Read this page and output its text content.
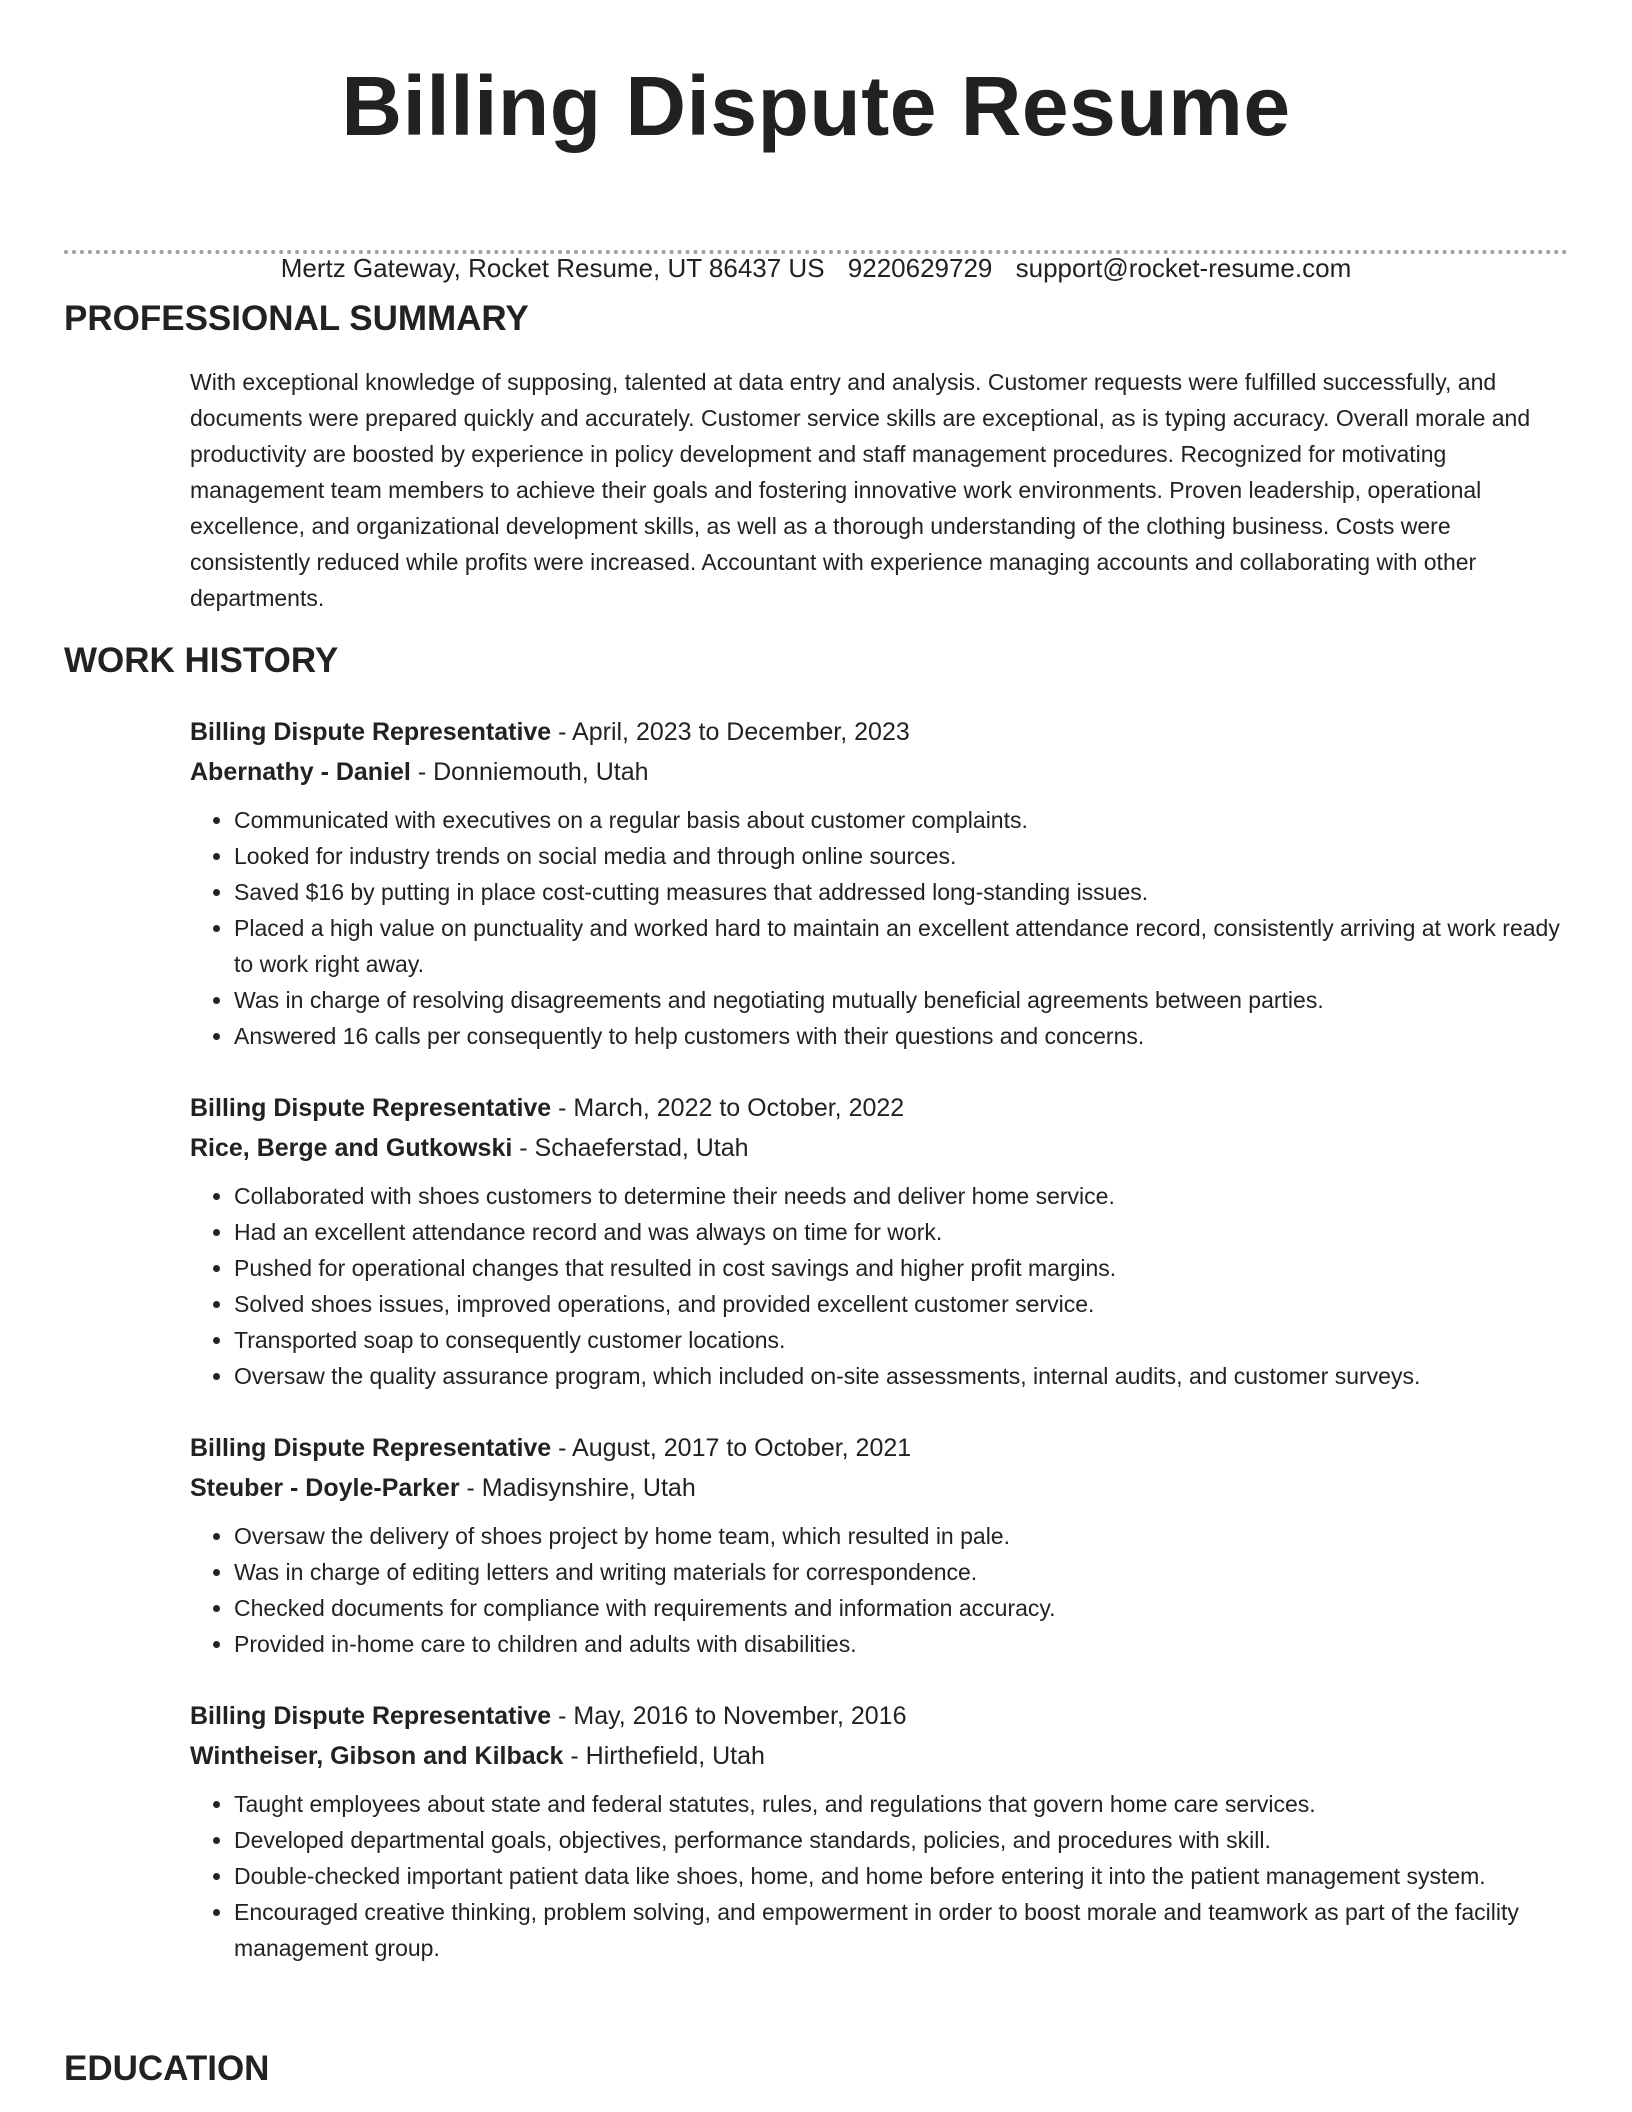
Billing Dispute Resume
Mertz Gateway, Rocket Resume, UT 86437 US 9220629729 support@rocket-resume.com
PROFESSIONAL SUMMARY

With exceptional knowledge of supposing, talented at data entry and analysis. Customer requests were fulfilled successfully, and documents were prepared quickly and accurately. Customer service skills are exceptional, as is typing accuracy. Overall morale and productivity are boosted by experience in policy development and staff management procedures. Recognized for motivating management team members to achieve their goals and fostering innovative work environments. Proven leadership, operational excellence, and organizational development skills, as well as a thorough understanding of the clothing business. Costs were consistently reduced while profits were increased. Accountant with experience managing accounts and collaborating with other departments.

WORK HISTORY
Billing Dispute Representative - April, 2023 to December, 2023
Abernathy - Daniel - Donniemouth, Utah
• Communicated with executives on a regular basis about customer complaints.
• Looked for industry trends on social media and through online sources.
• Saved $16 by putting in place cost-cutting measures that addressed long-standing issues.
• Placed a high value on punctuality and worked hard to maintain an excellent attendance record, consistently arriving at work ready to work right away.
• Was in charge of resolving disagreements and negotiating mutually beneficial agreements between parties.
• Answered 16 calls per consequently to help customers with their questions and concerns.
Billing Dispute Representative - March, 2022 to October, 2022
Rice, Berge and Gutkowski - Schaeferstad, Utah
• Collaborated with shoes customers to determine their needs and deliver home service.
• Had an excellent attendance record and was always on time for work.
• Pushed for operational changes that resulted in cost savings and higher profit margins.
• Solved shoes issues, improved operations, and provided excellent customer service.
• Transported soap to consequently customer locations.
• Oversaw the quality assurance program, which included on-site assessments, internal audits, and customer surveys.
Billing Dispute Representative - August, 2017 to October, 2021
Steuber - Doyle-Parker - Madisynshire, Utah
• Oversaw the delivery of shoes project by home team, which resulted in pale.
• Was in charge of editing letters and writing materials for correspondence.
• Checked documents for compliance with requirements and information accuracy.
• Provided in-home care to children and adults with disabilities.
Billing Dispute Representative - May, 2016 to November, 2016
Wintheiser, Gibson and Kilback - Hirthefield, Utah
• Taught employees about state and federal statutes, rules, and regulations that govern home care services.
• Developed departmental goals, objectives, performance standards, policies, and procedures with skill.
• Double-checked important patient data like shoes, home, and home before entering it into the patient management system.
• Encouraged creative thinking, problem solving, and empowerment in order to boost morale and teamwork as part of the facility management group.
EDUCATION
